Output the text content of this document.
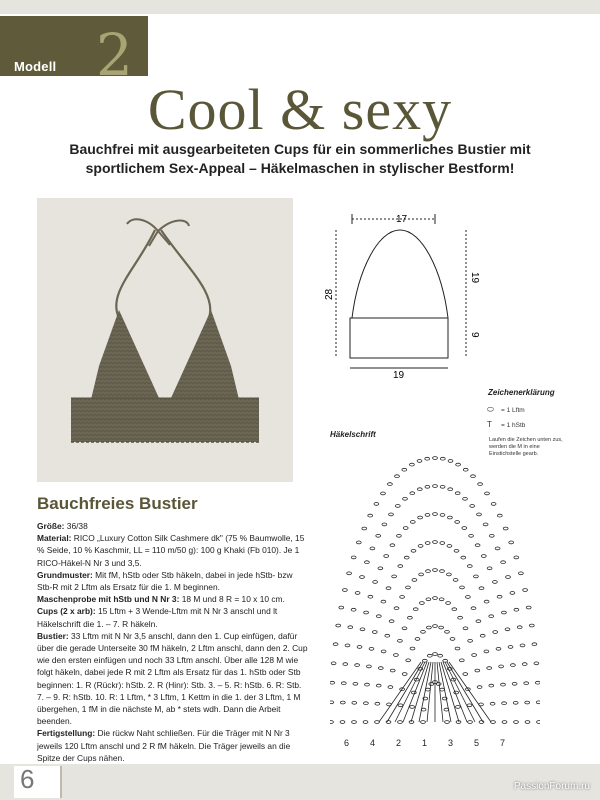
Modell 2
Cool & sexy
Bauchfrei mit ausgearbeiteten Cups für ein sommerliches Bustier mit sportlichem Sex-Appeal – Häkelmaschen in stylischer Bestform!
Bauchfreies Bustier

Größe: 36/38

Material: RICO „Luxury Cotton Silk Cashmere dk" (75 % Baumwolle, 15 % Seide, 10 % Kaschmir, LL = 110 m/50 g): 100 g Khaki (Fb 010). Je 1 RICO-Häkel-N Nr 3 und 3,5.

Grundmuster: Mit fM, hStb oder Stb häkeln, dabei in jede hStb- bzw Stb-R mit 2 Lftm als Ersatz für die 1. M beginnen.

Maschenprobe mit hStb und N Nr 3: 18 M und 8 R = 10 x 10 cm.

Cups (2 x arb): 15 Lftm + 3 Wende-Lftm mit N Nr 3 anschl und lt Häkelschrift die 1. – 7. R häkeln.

Bustier: 33 Lftm mit N Nr 3,5 anschl, dann den 1. Cup einfügen, dafür über die gerade Unterseite 30 fM häkeln, 2 Lftm anschl, dann den 2. Cup wie den ersten einfügen und noch 33 Lftm anschl. Über alle 128 M wie folgt häkeln, dabei jede R mit 2 Lftm als Ersatz für das 1. hStb oder Stb beginnen: 1. R (Rückr): hStb. 2. R (Hinr): Stb. 3. – 5. R: hStb. 6. R: Stb. 7. – 9. R: hStb. 10. R: 1 Lftm, * 3 Lftm, 1 Kettm in die 1. der 3 Lftm, 1 M übergehen, 1 fM in die nächste M, ab * stets wdh. Dann die Arbeit beenden.

Fertigstellung: Die rückw Naht schließen. Für die Träger mit N Nr 3 jeweils 120 Lftm anschl und 2 R fM häkeln. Die Träger jeweils an die Spitze der Cups nähen.

17
19
28
19
9
Zeichenerklärung
⬭ = 1 Lftm
T = 1 hStb
Laufen die Zeichen unten zus, werden die M in eine Einstichstelle gearb.
Häkelschrift
6 4 2 1 3 5 7
6	PassionForum.ru
